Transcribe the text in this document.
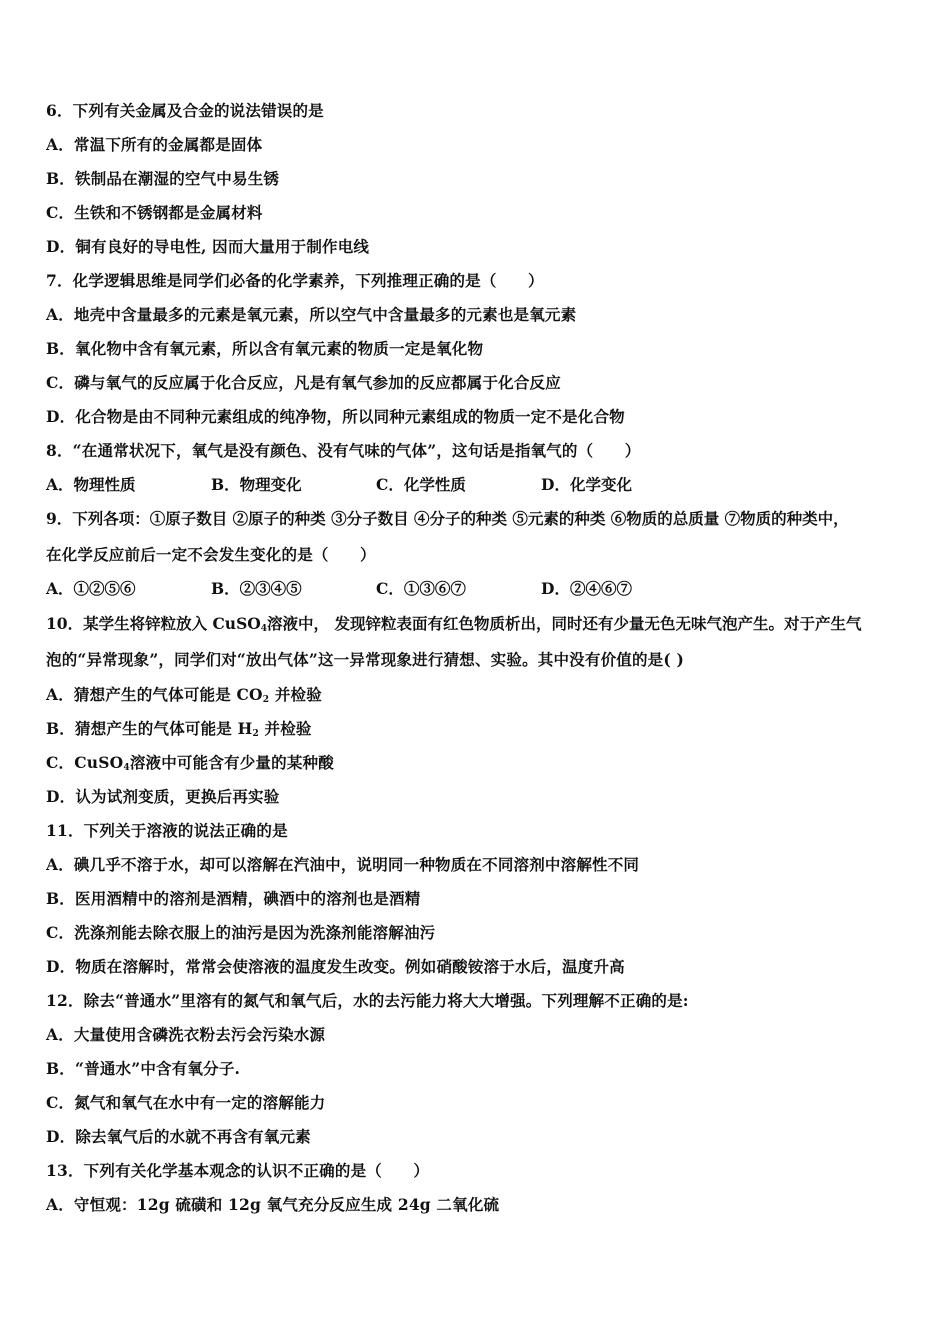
6．下列有关金属及合金的说法错误的是
A．常温下所有的金属都是固体
B．铁制品在潮湿的空气中易生锈
C．生铁和不锈钢都是金属材料
D．铜有良好的导电性, 因而大量用于制作电线
7．化学逻辑思维是同学们必备的化学素养，下列推理正确的是（　　）
A．地壳中含量最多的元素是氧元素，所以空气中含量最多的元素也是氧元素
B．氧化物中含有氧元素，所以含有氧元素的物质一定是氧化物
C．磷与氧气的反应属于化合反应，凡是有氧气参加的反应都属于化合反应
D．化合物是由不同种元素组成的纯净物，所以同种元素组成的物质一定不是化合物
8．“在通常状况下，氧气是没有颜色、没有气味的气体”，这句话是指氧气的（　　）
A．物理性质	B．物理变化	C．化学性质	D．化学变化
9．下列各项：①原子数目 ②原子的种类 ③分子数目 ④分子的种类 ⑤元素的种类 ⑥物质的总质量 ⑦物质的种类中，
在化学反应前后一定不会发生变化的是（　　）
A．①②⑤⑥	B．②③④⑤	C．①③⑥⑦	D．②④⑥⑦
10．某学生将锌粒放入 CuSO$_4$溶液中， 发现锌粒表面有红色物质析出，同时还有少量无色无味气泡产生。对于产生气
泡的“异常现象”，同学们对“放出气体”这一异常现象进行猜想、实验。其中没有价值的是( )
A．猜想产生的气体可能是 $CO_2$ 并检验
B．猜想产生的气体可能是 $H_2$ 并检验
C．CuSO$_4$溶液中可能含有少量的某种酸
D．认为试剂变质，更换后再实验
11．下列关于溶液的说法正确的是
A．碘几乎不溶于水，却可以溶解在汽油中，说明同一种物质在不同溶剂中溶解性不同
B．医用酒精中的溶剂是酒精，碘酒中的溶剂也是酒精
C．洗涤剂能去除衣服上的油污是因为洗涤剂能溶解油污
D．物质在溶解时，常常会使溶液的温度发生改变。例如硝酸铵溶于水后，温度升高
12．除去“普通水”里溶有的氮气和氧气后，水的去污能力将大大增强。下列理解不正确的是:
A．大量使用含磷洗衣粉去污会污染水源
B．“普通水”中含有氧分子.
C．氮气和氧气在水中有一定的溶解能力
D．除去氧气后的水就不再含有氧元素
13．下列有关化学基本观念的认识不正确的是（　　）
A．守恒观：12g 硫磺和 12g 氧气充分反应生成 24g 二氧化硫
